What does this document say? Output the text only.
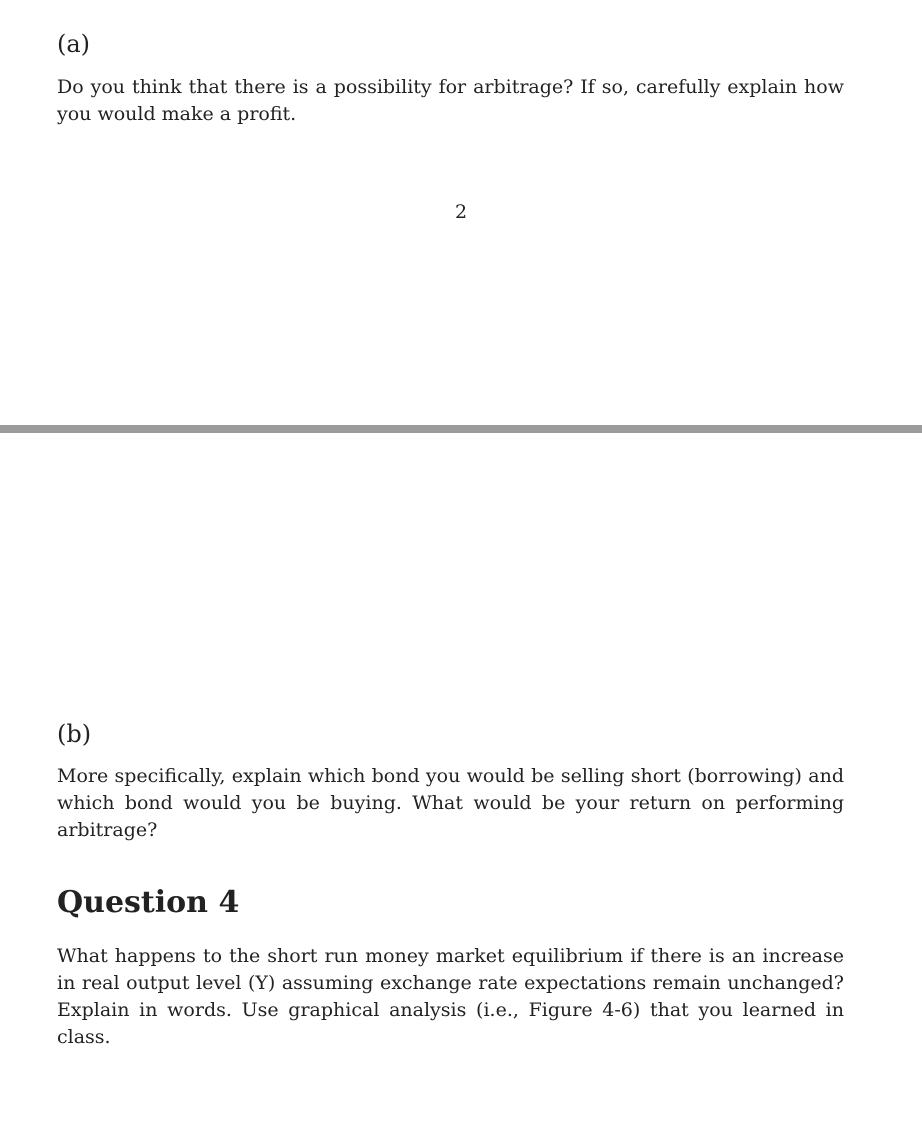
(a)
Do you think that there is a possibility for arbitrage? If so, carefully explain how you would make a profit.
2
(b)
More specifically, explain which bond you would be selling short (borrowing) and which bond would you be buying. What would be your return on performing arbitrage?
Question 4
What happens to the short run money market equilibrium if there is an increase in real output level (Y) assuming exchange rate expectations remain unchanged? Explain in words. Use graphical analysis (i.e., Figure 4-6) that you learned in class.
